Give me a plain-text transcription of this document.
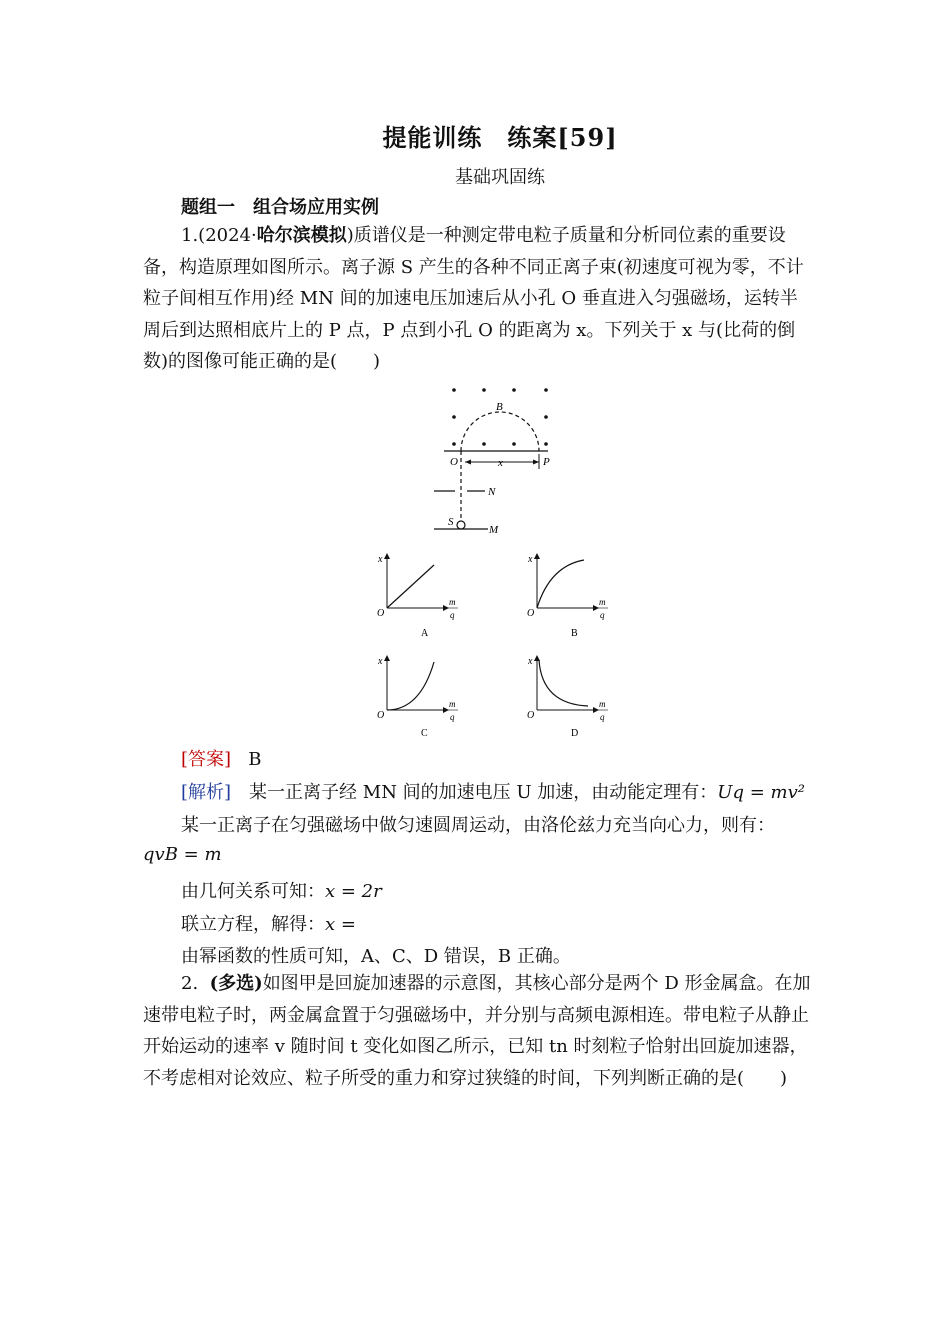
提能训练　练案[59]
基础巩固练
题组一　组合场应用实例
1.(2024·哈尔滨模拟)质谱仪是一种测定带电粒子质量和分析同位素的重要设备，构造原理如图所示。离子源 S 产生的各种不同正离子束(初速度可视为零，不计粒子间相互作用)经 MN 间的加速电压加速后从小孔 O 垂直进入匀强磁场，运转半周后到达照相底片上的 P 点，P 点到小孔 O 的距离为 x。下列关于 x 与(比荷的倒数)的图像可能正确的是(　　)
B
O	x	P
N
S
M
x
O
m
q
A
x
O
m
q
B
x
O
m
q
C
x
O
m
q
D
[答案] B
[解析]　某一正离子经 MN 间的加速电压 U 加速，由动能定理有：Uq = mv²
某一正离子在匀强磁场中做匀速圆周运动，由洛伦兹力充当向心力，则有：
qvB = m
由几何关系可知：x = 2r
联立方程，解得：x =
由幂函数的性质可知，A、C、D 错误，B 正确。
2. (多选)如图甲是回旋加速器的示意图，其核心部分是两个 D 形金属盒。在加速带电粒子时，两金属盒置于匀强磁场中，并分别与高频电源相连。带电粒子从静止开始运动的速率 v 随时间 t 变化如图乙所示，已知 tn 时刻粒子恰射出回旋加速器，不考虑相对论效应、粒子所受的重力和穿过狭缝的时间，下列判断正确的是(　　)
